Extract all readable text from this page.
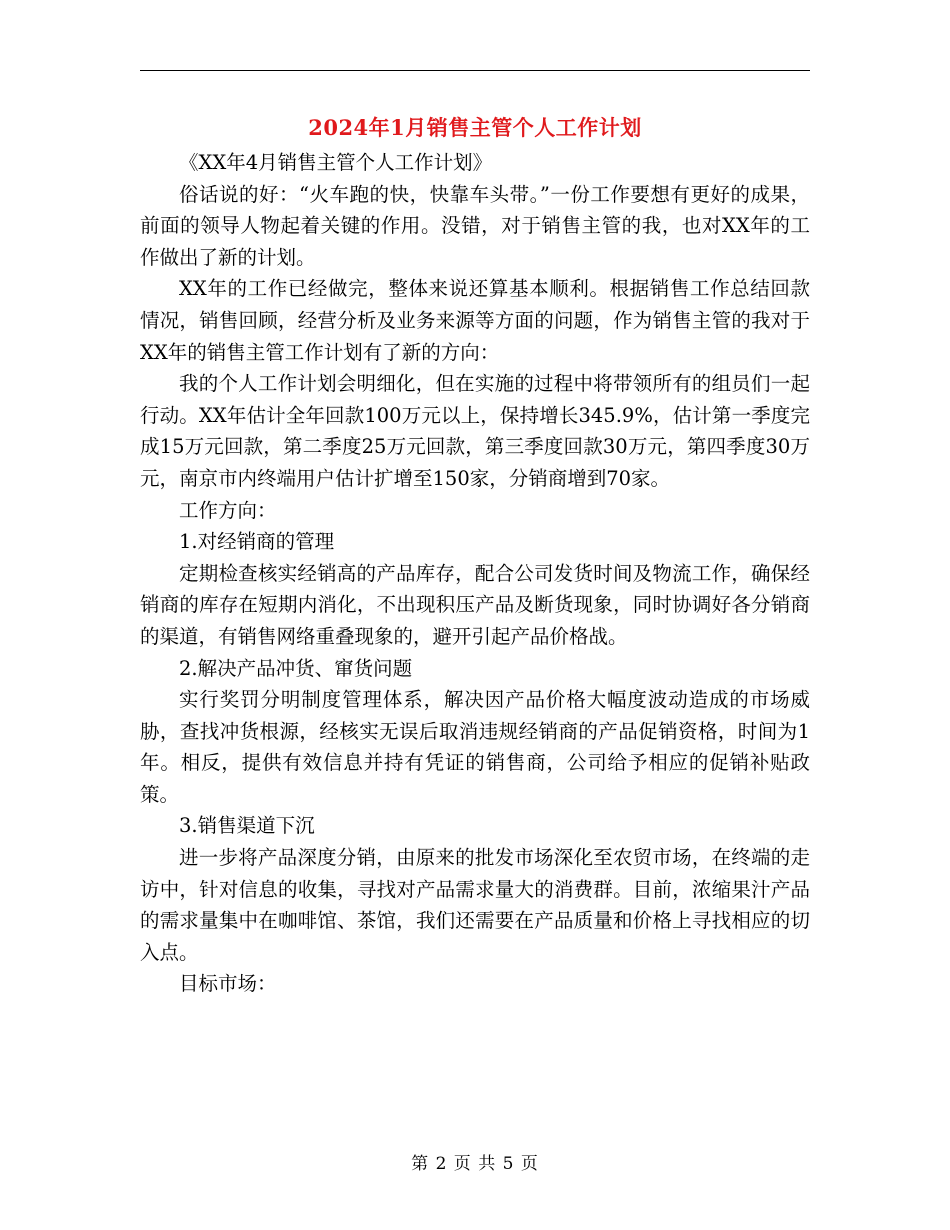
2024年1月销售主管个人工作计划

《XX年4月销售主管个人工作计划》

俗话说的好：“火车跑的快，快靠车头带。”一份工作要想有更好的成果，前面的领导人物起着关键的作用。没错，对于销售主管的我，也对XX年的工作做出了新的计划。

XX年的工作已经做完，整体来说还算基本顺利。根据销售工作总结回款情况，销售回顾，经营分析及业务来源等方面的问题，作为销售主管的我对于XX年的销售主管工作计划有了新的方向：

我的个人工作计划会明细化，但在实施的过程中将带领所有的组员们一起行动。XX年估计全年回款100万元以上，保持增长345.9%，估计第一季度完成15万元回款，第二季度25万元回款，第三季度回款30万元，第四季度30万元，南京市内终端用户估计扩增至150家，分销商增到70家。

工作方向：

1.对经销商的管理

定期检查核实经销高的产品库存，配合公司发货时间及物流工作，确保经销商的库存在短期内消化，不出现积压产品及断货现象，同时协调好各分销商的渠道，有销售网络重叠现象的，避开引起产品价格战。

2.解决产品冲货、窜货问题

实行奖罚分明制度管理体系，解决因产品价格大幅度波动造成的市场威胁，查找冲货根源，经核实无误后取消违规经销商的产品促销资格，时间为1年。相反，提供有效信息并持有凭证的销售商，公司给予相应的促销补贴政策。

3.销售渠道下沉

进一步将产品深度分销，由原来的批发市场深化至农贸市场，在终端的走访中，针对信息的收集，寻找对产品需求量大的消费群。目前，浓缩果汁产品的需求量集中在咖啡馆、茶馆，我们还需要在产品质量和价格上寻找相应的切入点。

目标市场：

第 2 页 共 5 页
